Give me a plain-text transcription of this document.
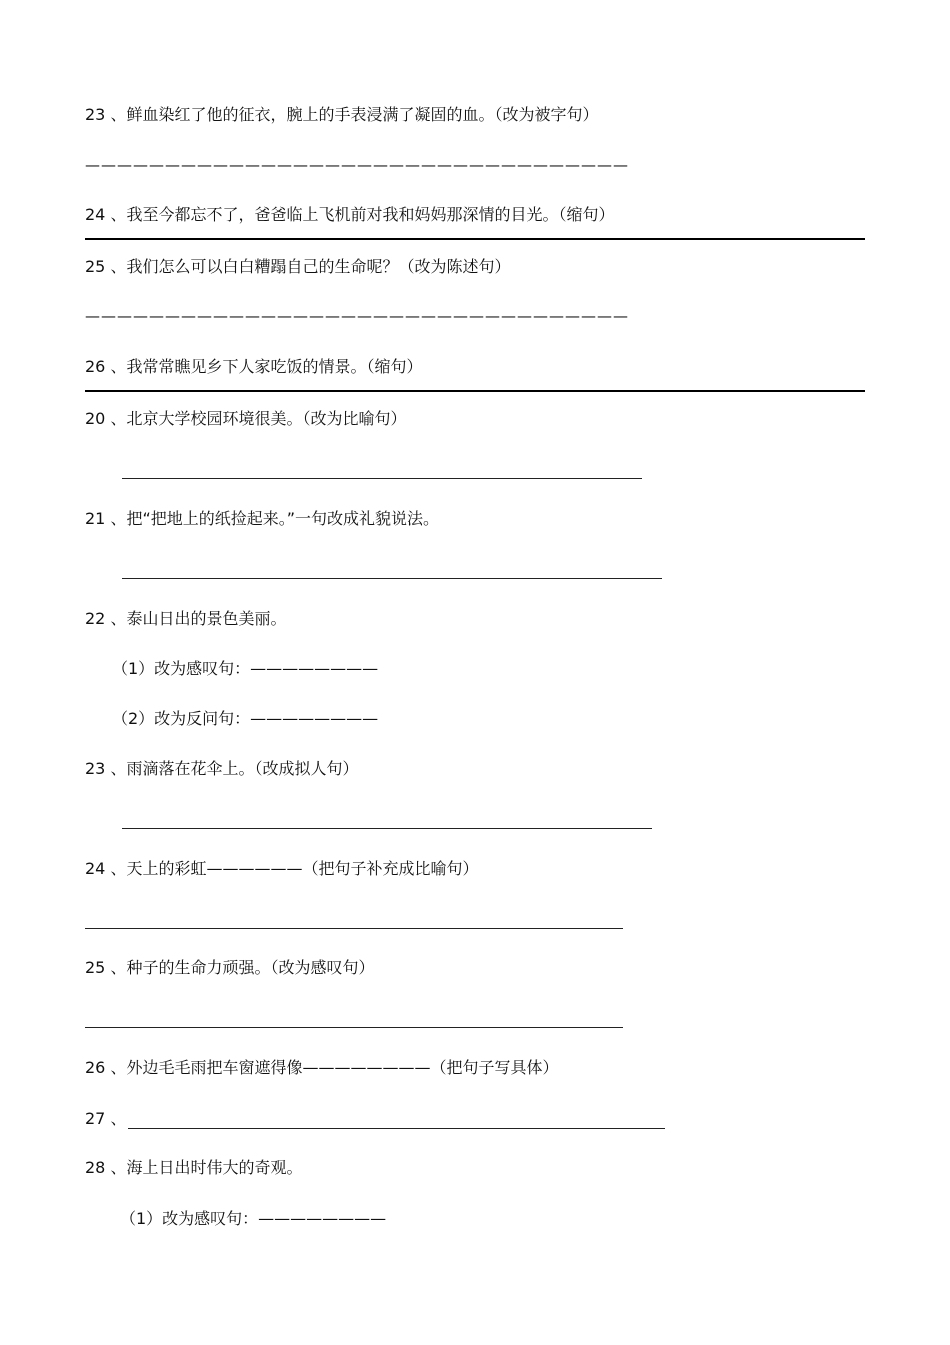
23 、鲜血染红了他的征衣，腕上的手表浸满了凝固的血。（改为被字句）
——————————————————————————————————
24 、我至今都忘不了，爸爸临上飞机前对我和妈妈那深情的目光。（缩句）
25 、我们怎么可以白白糟蹋自己的生命呢？（改为陈述句）
——————————————————————————————————
26 、我常常瞧见乡下人家吃饭的情景。（缩句）
20 、北京大学校园环境很美。（改为比喻句）
21 、把“把地上的纸捡起来。”一句改成礼貌说法。
22 、泰山日出的景色美丽。
（1）改为感叹句：————————
（2）改为反问句：————————
23 、雨滴落在花伞上。（改成拟人句）
24 、天上的彩虹——————（把句子补充成比喻句）
25 、种子的生命力顽强。（改为感叹句）
26 、外边毛毛雨把车窗遮得像————————（把句子写具体）
27 、
28 、海上日出时伟大的奇观。
（1）改为感叹句：————————
